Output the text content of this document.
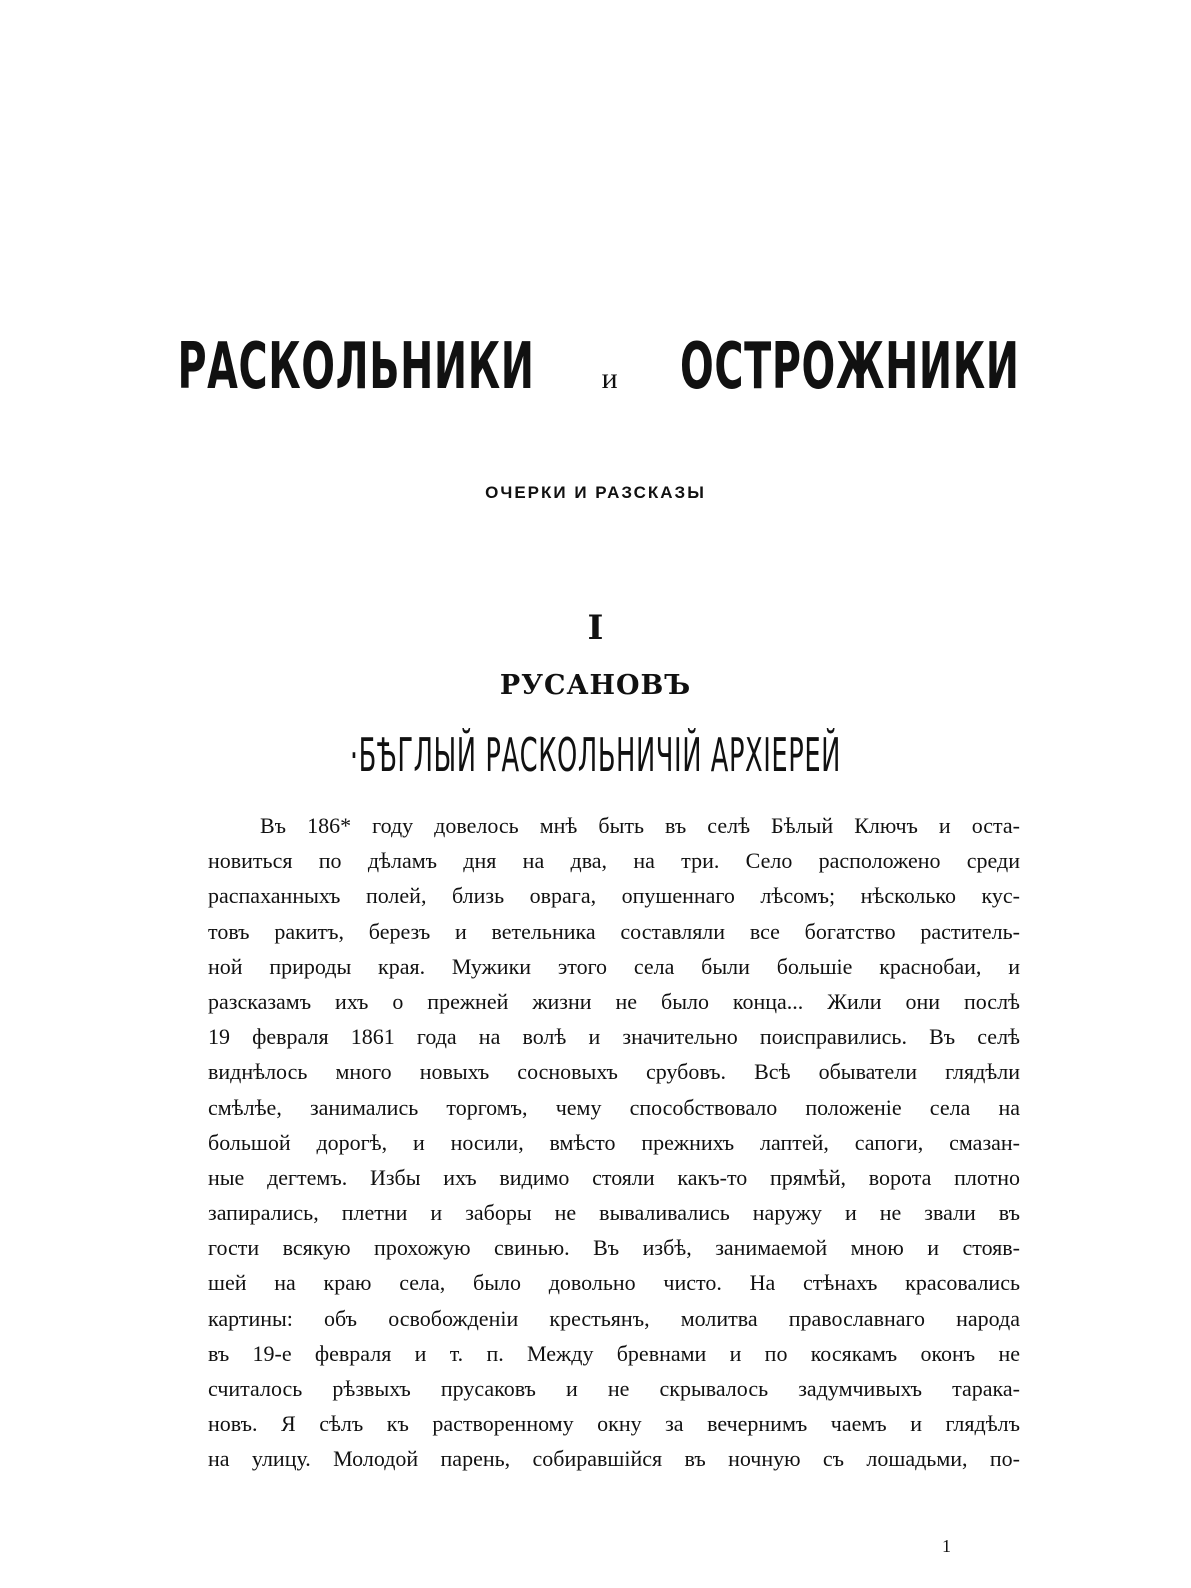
РАСКОЛЬНИКИ и ОСТРОЖНИКИ
ОЧЕРКИ И РАЗСКАЗЫ
I
РУСАНОВЪ
·БѢГЛЫЙ РАСКОЛЬНИЧІЙ АРХІЕРЕЙ
Въ 186* году довелось мнѣ быть въ селѣ Бѣлый Ключъ и оста-
новиться по дѣламъ дня на два, на три. Село расположено среди
распаханныхъ полей, близь оврага, опушеннаго лѣсомъ; нѣсколько кус-
товъ ракитъ, березъ и ветельника составляли все богатство раститель-
ной природы края. Мужики этого села были большіе краснобаи, и
разсказамъ ихъ о прежней жизни не было конца... Жили они послѣ
19 февраля 1861 года на волѣ и значительно поисправились. Въ селѣ
виднѣлось много новыхъ сосновыхъ срубовъ. Всѣ обыватели глядѣли
смѣлѣе, занимались торгомъ, чему способствовало положеніе села на
большой дорогѣ, и носили, вмѣсто прежнихъ лаптей, сапоги, смазан-
ные дегтемъ. Избы ихъ видимо стояли какъ-то прямѣй, ворота плотно
запирались, плетни и заборы не вываливались наружу и не звали въ
гости всякую прохожую свинью. Въ избѣ, занимаемой мною и стояв-
шей на краю села, было довольно чисто. На стѣнахъ красовались
картины: объ освобожденіи крестьянъ, молитва православнаго народа
въ 19-е февраля и т. п. Между бревнами и по косякамъ оконъ не
считалось рѣзвыхъ прусаковъ и не скрывалось задумчивыхъ тарака-
новъ. Я сѣлъ къ растворенному окну за вечернимъ чаемъ и глядѣлъ
на улицу. Молодой парень, собиравшійся въ ночную съ лошадьми, по-
1
